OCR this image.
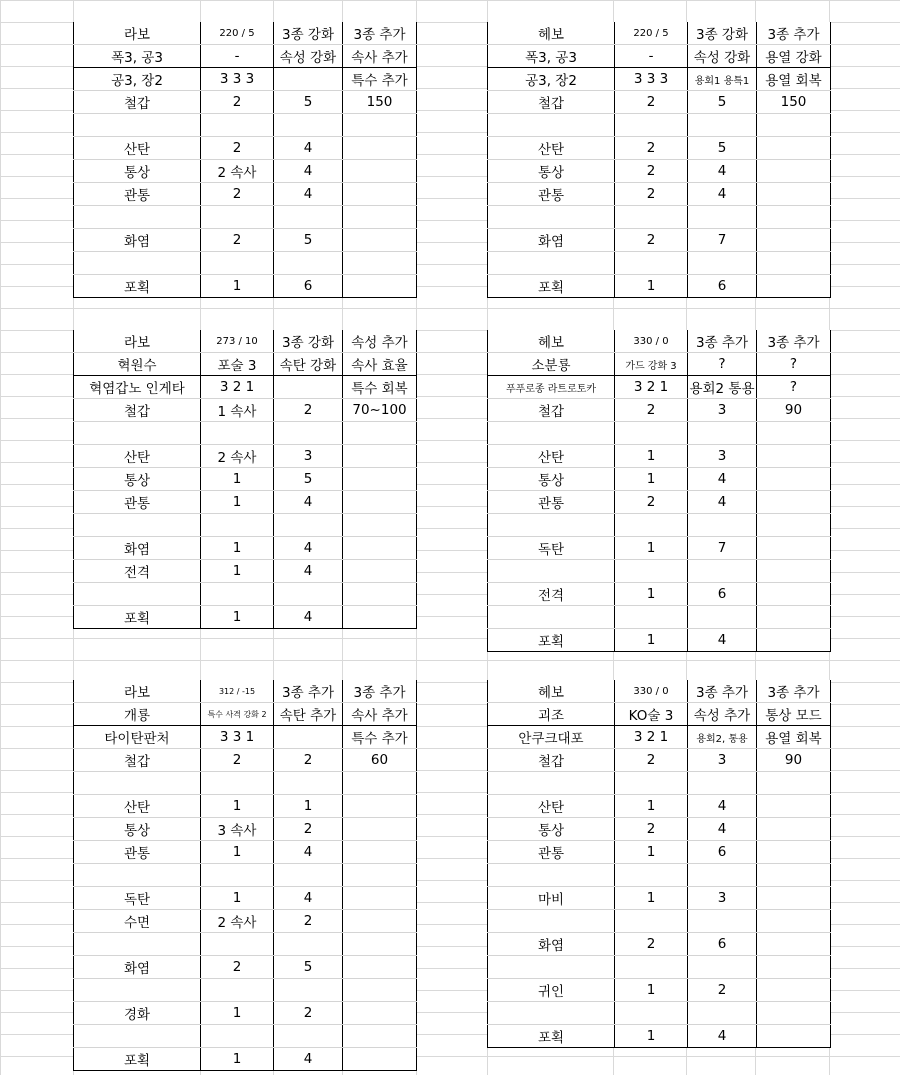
라보	220 / 5	3종 강화	3종 추가
폭3, 공3	-	속성 강화	속사 추가
공3, 장2	3 3 3		특수 추가
철갑	2	5	150

산탄	2	4	
통상	2 속사	4	
관통	2	4	

화염	2	5	

포획	1	6	
헤보	220 / 5	3종 강화	3종 추가
폭3, 공3	-	속성 강화	용열 강화
공3, 장2	3 3 3	용회1 용특1	용열 회복
철갑	2	5	150

산탄	2	5	
통상	2	4	
관통	2	4	

화염	2	7	

포획	1	6	
라보	273 / 10	3종 강화	속성 추가
혁원수	포술 3	속탄 강화	속사 효율
혁염갑노 인게타	3 2 1		특수 회복
철갑	1 속사	2	70~100

산탄	2 속사	3	
통상	1	5	
관통	1	4	

화염	1	4	
전격	1	4	

포획	1	4	
헤보	330 / 0	3종 추가	3종 추가
소분룡	가드 강화 3	?	?
푸푸로종 라트로토카	3 2 1	용회2 통용	?
철갑	2	3	90

산탄	1	3	
통상	1	4	
관통	2	4	

독탄	1	7	

전격	1	6	

포획	1	4	
라보	312 / -15	3종 추가	3종 추가
개룡	특수 사격 강화 2	속탄 추가	속사 추가
타이탄판처	3 3 1		특수 추가
철갑	2	2	60

산탄	1	1	
통상	3 속사	2	
관통	1	4	

독탄	1	4	
수면	2 속사	2	

화염	2	5	

경화	1	2	

포획	1	4	
헤보	330 / 0	3종 추가	3종 추가
괴조	KO술 3	속성 추가	통상 모드
안쿠크대포	3 2 1	용회2, 통용	용열 회복
철갑	2	3	90

산탄	1	4	
통상	2	4	
관통	1	6	

마비	1	3	

화염	2	6	

귀인	1	2	

포획	1	4	
